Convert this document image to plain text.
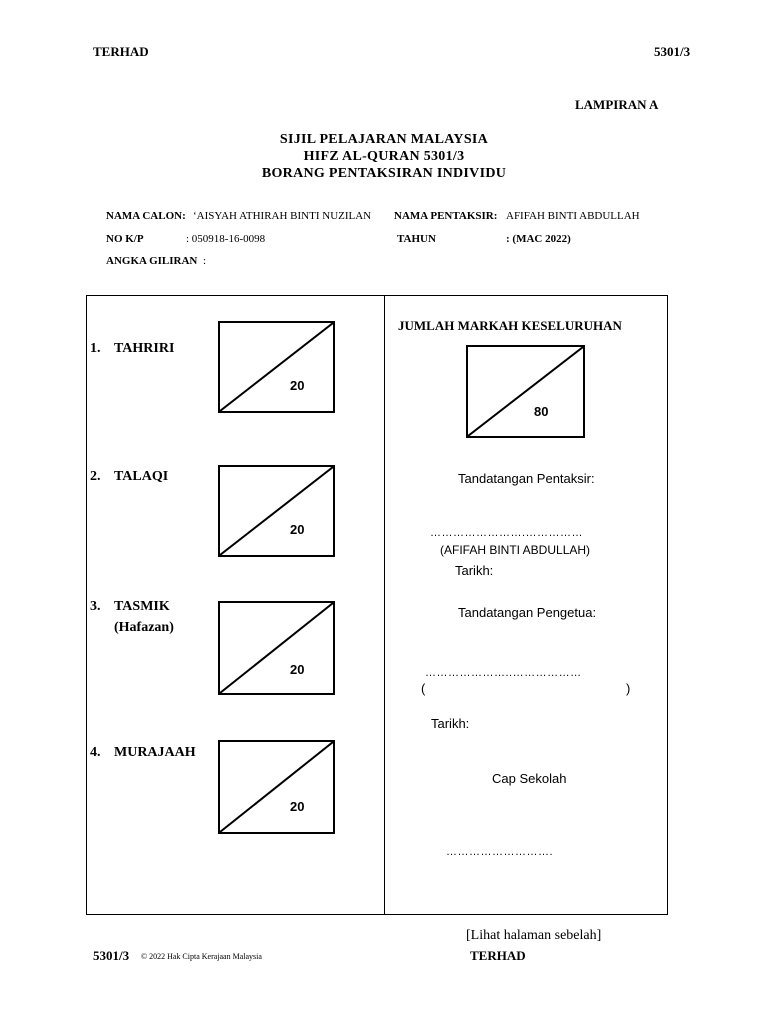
TERHAD	5301/3
LAMPIRAN A
SIJIL PELAJARAN MALAYSIA
HIFZ AL-QURAN 5301/3
BORANG PENTAKSIRAN INDIVIDU
NAMA CALON: ‘AISYAH ATHIRAH BINTI NUZILAN NAMA PENTAKSIR: AFIFAH BINTI ABDULLAH
NO K/P	: 050918-16-0098	TAHUN	: (MAC 2022)
ANGKA GILIRAN :
1. TAHRIRI
20
2. TALAQI
20
3. TASMIK
(Hafazan)
20
4. MURAJAAH
20
JUMLAH MARKAH KESELURUHAN
80
Tandatangan Pentaksir:
…………………….……………
(AFIFAH BINTI ABDULLAH)
Tarikh:
Tandatangan Pengetua:
…………………..………………
(	)
Tarikh:
Cap Sekolah
……………………….
[Lihat halaman sebelah]
5301/3 © 2022 Hak Cipta Kerajaan Malaysia	TERHAD
